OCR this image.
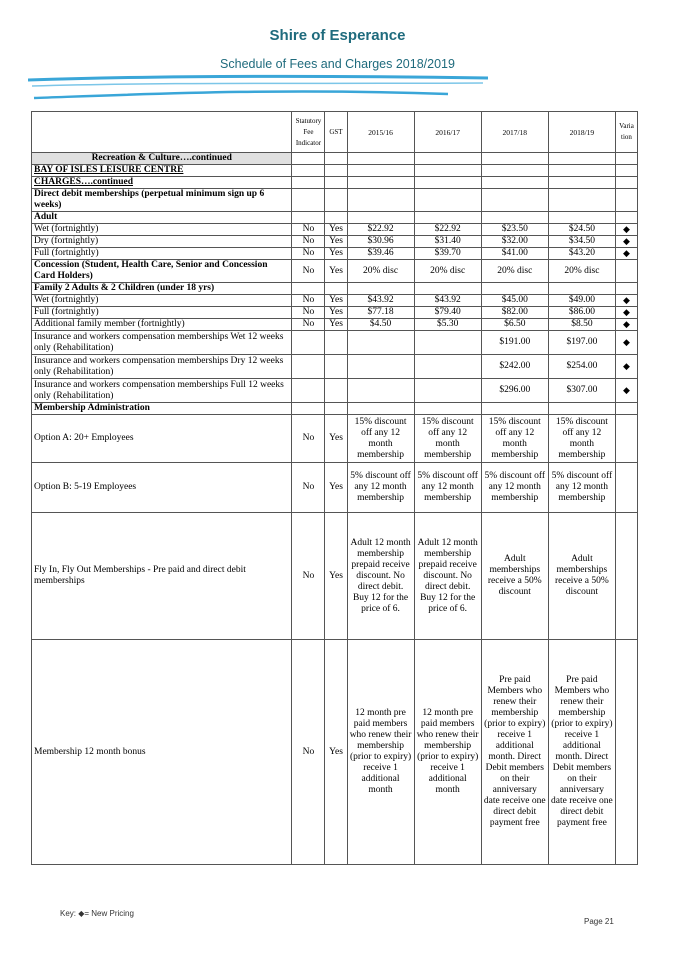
Shire of Esperance
Schedule of Fees and Charges 2018/2019
	Statutory Fee Indicator	GST	2015/16	2016/17	2017/18	2018/19	Varia tion
Recreation & Culture….continued							
BAY OF ISLES LEISURE CENTRE							
CHARGES….continued							
Direct debit memberships (perpetual minimum sign up 6 weeks)							
Adult							
Wet (fortnightly)	No	Yes	$22.92	$22.92	$23.50	$24.50	◆
Dry (fortnightly)	No	Yes	$30.96	$31.40	$32.00	$34.50	◆
Full (fortnightly)	No	Yes	$39.46	$39.70	$41.00	$43.20	◆
Concession (Student, Health Care, Senior and Concession Card Holders)	No	Yes	20% disc	20% disc	20% disc	20% disc	
Family 2 Adults & 2 Children (under 18 yrs)							
Wet (fortnightly)	No	Yes	$43.92	$43.92	$45.00	$49.00	◆
Full (fortnightly)	No	Yes	$77.18	$79.40	$82.00	$86.00	◆
Additional family member (fortnightly)	No	Yes	$4.50	$5.30	$6.50	$8.50	◆
Insurance and workers compensation memberships Wet 12 weeks only (Rehabilitation)					$191.00	$197.00	◆
Insurance and workers compensation memberships Dry 12 weeks only (Rehabilitation)					$242.00	$254.00	◆
Insurance and workers compensation memberships Full 12 weeks only (Rehabilitation)					$296.00	$307.00	◆
Membership Administration							
Option A: 20+ Employees	No	Yes	15% discount off any 12 month membership	15% discount off any 12 month membership	15% discount off any 12 month membership	15% discount off any 12 month membership	
Option B: 5-19 Employees	No	Yes	5% discount off any 12 month membership	5% discount off any 12 month membership	5% discount off any 12 month membership	5% discount off any 12 month membership	
Fly In, Fly Out Memberships - Pre paid and direct debit memberships	No	Yes	Adult 12 month membership prepaid receive discount. No direct debit. Buy 12 for the price of 6.	Adult 12 month membership prepaid receive discount. No direct debit. Buy 12 for the price of 6.	Adult memberships receive a 50% discount	Adult memberships receive a 50% discount	
Membership 12 month bonus	No	Yes	12 month pre paid members who renew their membership (prior to expiry) receive 1 additional month	12 month pre paid members who renew their membership (prior to expiry) receive 1 additional month	Pre paid Members who renew their membership (prior to expiry) receive 1 additional month. Direct Debit members on their anniversary date receive one direct debit payment free	Pre paid Members who renew their membership (prior to expiry) receive 1 additional month. Direct Debit members on their anniversary date receive one direct debit payment free	
Key: ◆= New Pricing
Page 21
